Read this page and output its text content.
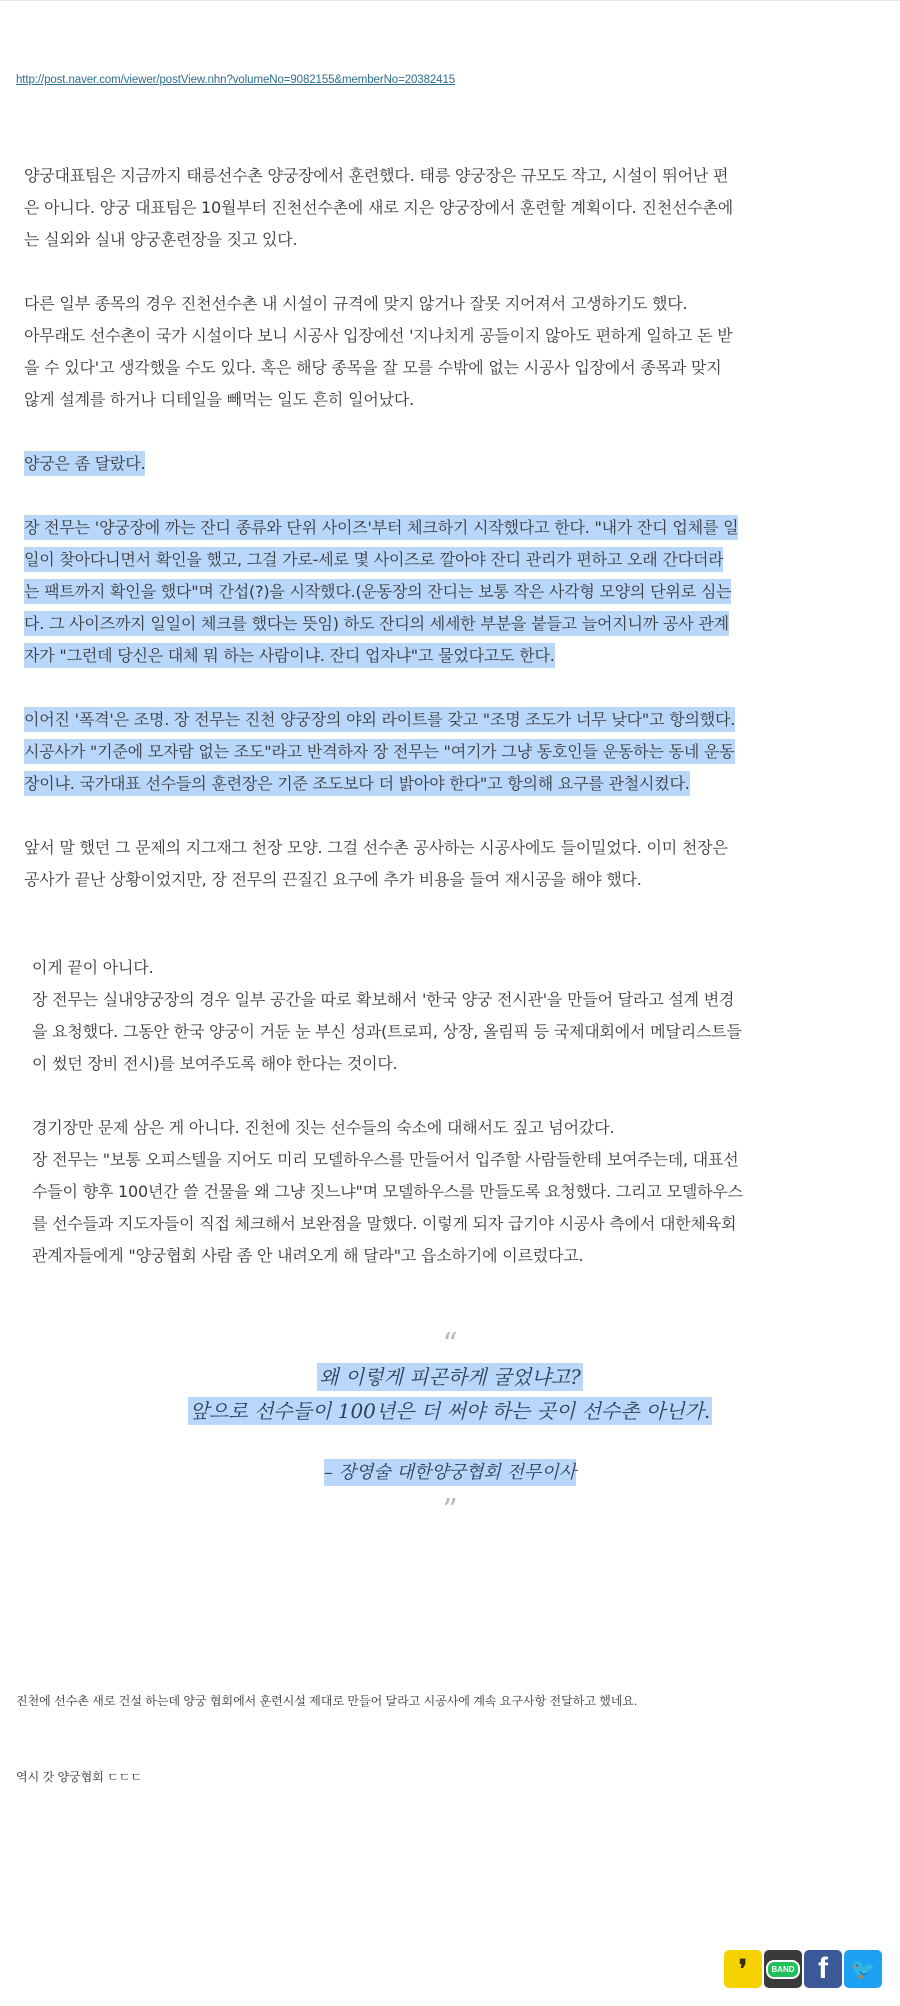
http://post.naver.com/viewer/postView.nhn?volumeNo=9082155&memberNo=20382415

양궁대표팀은 지금까지 태릉선수촌 양궁장에서 훈련했다. 태릉 양궁장은 규모도 작고, 시설이 뛰어난 편

은 아니다. 양궁 대표팀은 10월부터 진천선수촌에 새로 지은 양궁장에서 훈련할 계획이다. 진천선수촌에

는 실외와 실내 양궁훈련장을 짓고 있다.

다른 일부 종목의 경우 진천선수촌 내 시설이 규격에 맞지 않거나 잘못 지어져서 고생하기도 했다.

아무래도 선수촌이 국가 시설이다 보니 시공사 입장에선 '지나치게 공들이지 않아도 편하게 일하고 돈 받

을 수 있다'고 생각했을 수도 있다. 혹은 해당 종목을 잘 모를 수밖에 없는 시공사 입장에서 종목과 맞지

않게 설계를 하거나 디테일을 빼먹는 일도 흔히 일어났다.

양궁은 좀 달랐다.

장 전무는 '양궁장에 까는 잔디 종류와 단위 사이즈'부터 체크하기 시작했다고 한다. "내가 잔디 업체를 일

일이 찾아다니면서 확인을 했고, 그걸 가로-세로 몇 사이즈로 깔아야 잔디 관리가 편하고 오래 간다더라

는 팩트까지 확인을 했다"며 간섭(?)을 시작했다.(운동장의 잔디는 보통 작은 사각형 모양의 단위로 심는

다. 그 사이즈까지 일일이 체크를 했다는 뜻임) 하도 잔디의 세세한 부분을 붙들고 늘어지니까 공사 관계

자가 "그런데 당신은 대체 뭐 하는 사람이냐. 잔디 업자냐"고 물었다고도 한다.

이어진 '폭격'은 조명. 장 전무는 진천 양궁장의 야외 라이트를 갖고 "조명 조도가 너무 낮다"고 항의했다.

시공사가 "기준에 모자람 없는 조도"라고 반격하자 장 전무는 "여기가 그냥 동호인들 운동하는 동네 운동

장이냐. 국가대표 선수들의 훈련장은 기준 조도보다 더 밝아야 한다"고 항의해 요구를 관철시켰다.

앞서 말 했던 그 문제의 지그재그 천장 모양. 그걸 선수촌 공사하는 시공사에도 들이밀었다. 이미 천장은

공사가 끝난 상황이었지만, 장 전무의 끈질긴 요구에 추가 비용을 들여 재시공을 해야 했다.

이게 끝이 아니다.

장 전무는 실내양궁장의 경우 일부 공간을 따로 확보해서 '한국 양궁 전시관'을 만들어 달라고 설계 변경

을 요청했다. 그동안 한국 양궁이 거둔 눈 부신 성과(트로피, 상장, 올림픽 등 국제대회에서 메달리스트들

이 썼던 장비 전시)를 보여주도록 해야 한다는 것이다.

경기장만 문제 삼은 게 아니다. 진천에 짓는 선수들의 숙소에 대해서도 짚고 넘어갔다.

장 전무는 "보통 오피스텔을 지어도 미리 모델하우스를 만들어서 입주할 사람들한테 보여주는데, 대표선

수들이 향후 100년간 쓸 건물을 왜 그냥 짓느냐"며 모델하우스를 만들도록 요청했다. 그리고 모델하우스

를 선수들과 지도자들이 직접 체크해서 보완점을 말했다. 이렇게 되자 급기야 시공사 측에서 대한체육회

관계자들에게 "양궁협회 사람 좀 안 내려오게 해 달라"고 읍소하기에 이르렀다고.

“
왜 이렇게 피곤하게 굴었냐고?
앞으로 선수들이 100년은 더 써야 하는 곳이 선수촌 아닌가.
– 장영술 대한양궁협회 전무이사
”
진천에 선수촌 새로 건설 하는데 양궁 협회에서 훈련시설 제대로 만들어 달라고 시공사에 계속 요구사항 전달하고 했네요.
역시 갓 양궁협회 ㄷㄷㄷ
❜	BAND f	🐦
